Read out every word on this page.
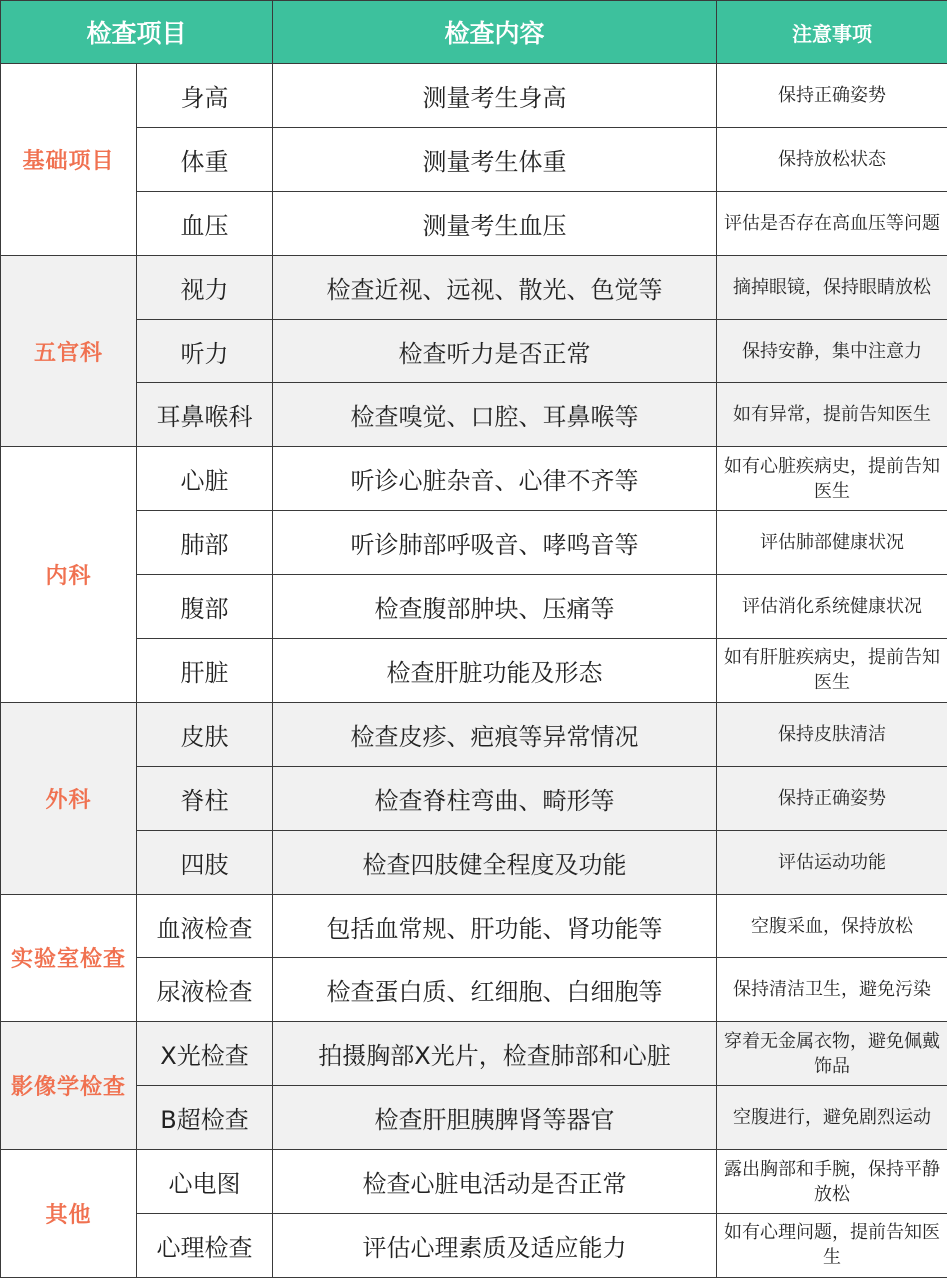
检查项目		检查内容	注意事项
基础项目	身高	测量考生身高	保持正确姿势
	体重	测量考生体重	保持放松状态
	血压	测量考生血压	评估是否存在高血压等问题
五官科	视力	检查近视、远视、散光、色觉等	摘掉眼镜，保持眼睛放松
	听力	检查听力是否正常	保持安静，集中注意力
	耳鼻喉科	检查嗅觉、口腔、耳鼻喉等	如有异常，提前告知医生
内科	心脏	听诊心脏杂音、心律不齐等	如有心脏疾病史，提前告知医生
	肺部	听诊肺部呼吸音、哮鸣音等	评估肺部健康状况
	腹部	检查腹部肿块、压痛等	评估消化系统健康状况
	肝脏	检查肝脏功能及形态	如有肝脏疾病史，提前告知医生
外科	皮肤	检查皮疹、疤痕等异常情况	保持皮肤清洁
	脊柱	检查脊柱弯曲、畸形等	保持正确姿势
	四肢	检查四肢健全程度及功能	评估运动功能
实验室检查	血液检查	包括血常规、肝功能、肾功能等	空腹采血，保持放松
	尿液检查	检查蛋白质、红细胞、白细胞等	保持清洁卫生，避免污染
影像学检查	X光检查	拍摄胸部X光片，检查肺部和心脏	穿着无金属衣物，避免佩戴饰品
	B超检查	检查肝胆胰脾肾等器官	空腹进行，避免剧烈运动
其他	心电图	检查心脏电活动是否正常	露出胸部和手腕，保持平静放松
	心理检查	评估心理素质及适应能力	如有心理问题，提前告知医生
